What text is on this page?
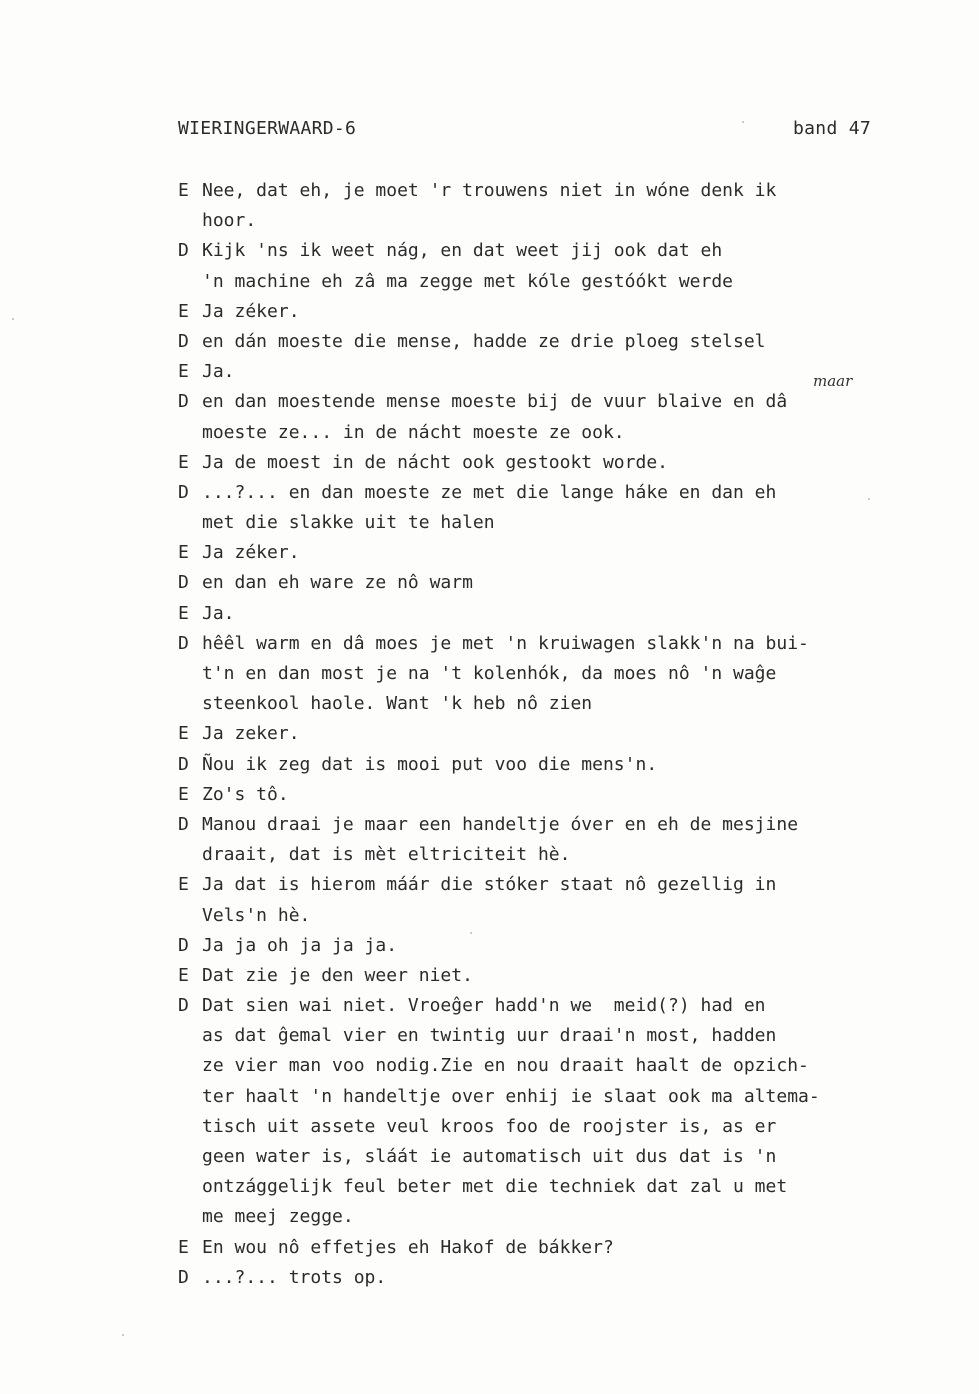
WIERINGERWAARD-6	band 47
maar
E Nee, dat eh, je moet 'r trouwens niet in wóne denk ik
hoor.
D Kijk 'ns ik weet nág, en dat weet jij ook dat eh
'n machine eh zâ ma zegge met kóle gestóókt werde
E Ja zéker.
D en dán moeste die mense, hadde ze drie ploeg stelsel
E Ja.
D en dan moestende mense moeste bij de vuur blaive en dâ
moeste ze... in de nácht moeste ze ook.
E Ja de moest in de nácht ook gestookt worde.
D ...?... en dan moeste ze met die lange háke en dan eh
met die slakke uit te halen
E Ja zéker.
D en dan eh ware ze nô warm
E Ja.
D hêêl warm en dâ moes je met 'n kruiwagen slakk'n na bui-
t'n en dan most je na 't kolenhók, da moes nô 'n waĝe
steenkool haole. Want 'k heb nô zien
E Ja zeker.
D Ñou ik zeg dat is mooi put voo die mens'n.
E Zo's tô.
D Manou draai je maar een handeltje óver en eh de mesjine
draait, dat is mèt eltriciteit hè.
E Ja dat is hierom máár die stóker staat nô gezellig in
Vels'n hè.
D Ja ja oh ja ja ja.
E Dat zie je den weer niet.
D Dat sien wai niet. Vroeĝer hadd'n we  meid(?) had en
as dat ĝemal vier en twintig uur draai'n most, hadden
ze vier man voo nodig.Zie en nou draait haalt de opzich-
ter haalt 'n handeltje over enhij ie slaat ook ma altema-
tisch uit assete veul kroos foo de roojster is, as er
geen water is, sláát ie automatisch uit dus dat is 'n
ontzággelijk feul beter met die techniek dat zal u met
me meej zegge.
E En wou nô effetjes eh Hakof de bákker?
D ...?... trots op.
